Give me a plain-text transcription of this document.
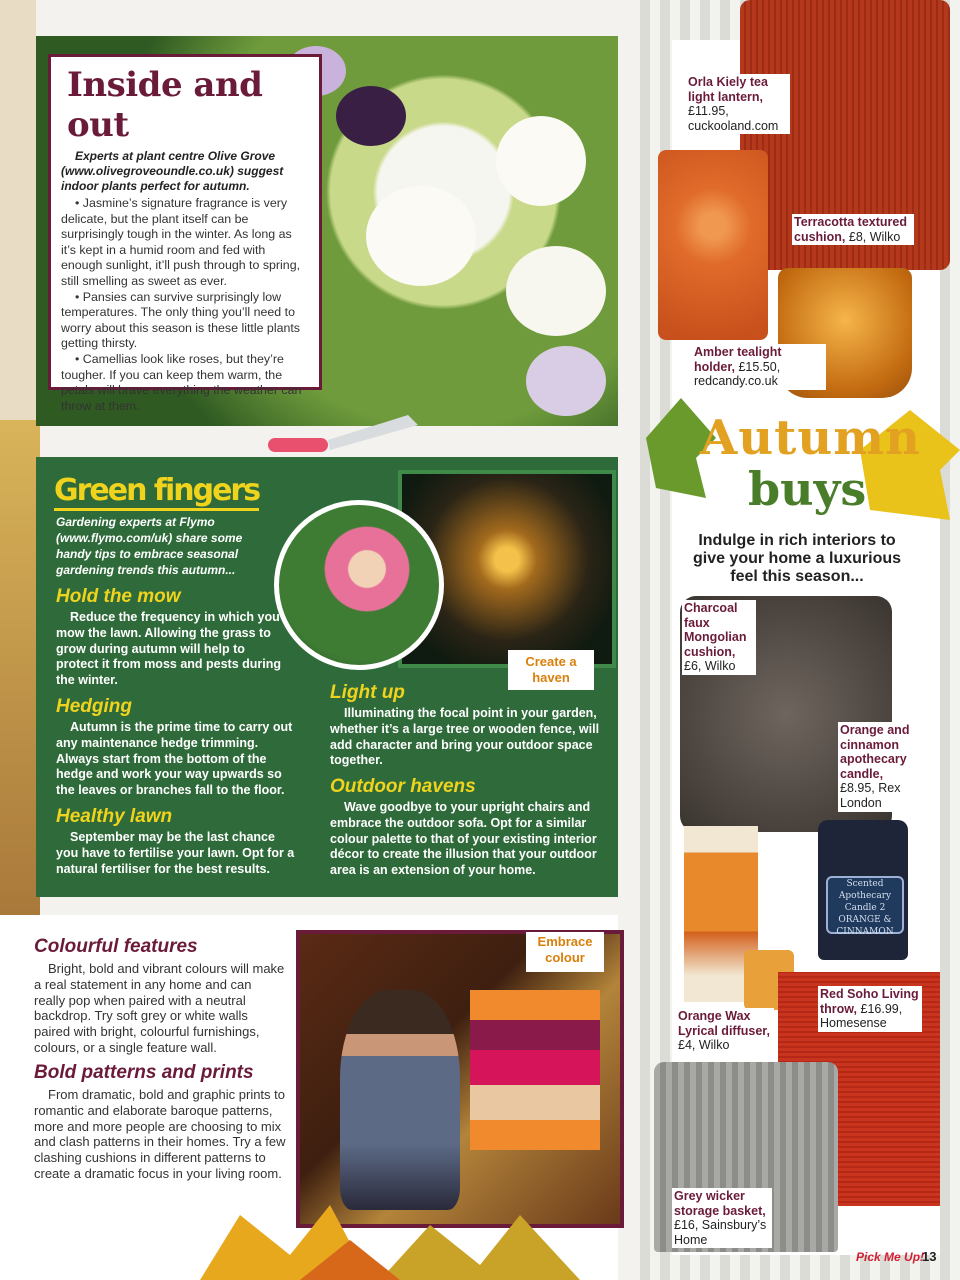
Inside and out

Experts at plant centre Olive Grove (www.olivegroveoundle.co.uk) suggest indoor plants perfect for autumn.

• Jasmine’s signature fragrance is very delicate, but the plant itself can be surprisingly tough in the winter. As long as it’s kept in a humid room and fed with enough sunlight, it’ll push through to spring, still smelling as sweet as ever.

• Pansies can survive surprisingly low temperatures. The only thing you’ll need to worry about this season is these little plants getting thirsty.

• Camellias look like roses, but they’re tougher. If you can keep them warm, the petals will brave everything the weather can throw at them.

Green fingers
Gardening experts at Flymo (www.flymo.com/uk) share some handy tips to embrace seasonal gardening trends this autumn...
Hold the mow

Reduce the frequency in which you mow the lawn. Allowing the grass to grow during autumn will help to protect it from moss and pests during the winter.

Hedging

Autumn is the prime time to carry out any maintenance hedge trimming. Always start from the bottom of the hedge and work your way upwards so the leaves or branches fall to the floor.

Healthy lawn

September may be the last chance you have to fertilise your lawn. Opt for a natural fertiliser for the best results.

Light up

Illuminating the focal point in your garden, whether it’s a large tree or wooden fence, will add character and bring your outdoor space together.

Outdoor havens

Wave goodbye to your upright chairs and embrace the outdoor sofa. Opt for a similar colour palette to that of your existing interior décor to create the illusion that your outdoor area is an extension of your home.

Create a haven
Embrace colour
Colourful features

Bright, bold and vibrant colours will make a real statement in any home and can really pop when paired with a neutral backdrop. Try soft grey or white walls paired with bright, colourful furnishings, colours, or a single feature wall.

Bold patterns and prints

From dramatic, bold and graphic prints to romantic and elaborate baroque patterns, more and more people are choosing to mix and clash patterns in their homes. Try a few clashing cushions in different patterns to create a dramatic focus in your living room.

Orla Kiely tea light lantern, £11.95, cuckooland.com
Terracotta textured cushion, £8, Wilko
Amber tealight holder, £15.50, redcandy.co.uk
Autumn
buys
Indulge in rich interiors to give your home a luxurious feel this season...
Charcoal faux Mongolian cushion, £6, Wilko
Scented Apothecary Candle 2 ORANGE & CINNAMON
Orange and cinnamon apothecary candle, £8.95, Rex London
Red Soho Living throw, £16.99, Homesense
Orange Wax Lyrical diffuser, £4, Wilko
Grey wicker storage basket, £16, Sainsbury’s Home
Pick Me Up!
13
